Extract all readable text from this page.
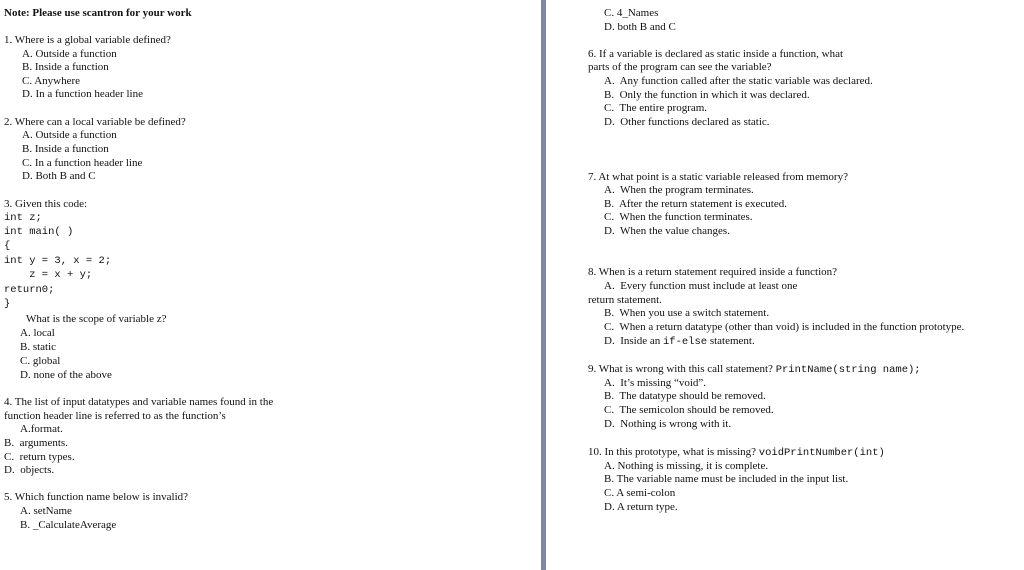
Note: Please use scantron for your work
1. Where is a global variable defined?
A. Outside a function
B. Inside a function
C. Anywhere
D. In a function header line
2. Where can a local variable be defined?
A. Outside a function
B. Inside a function
C. In a function header line
D. Both B and C
3. Given this code:
int z;
int main( )
{
int y = 3, x = 2;
z = x + y;
return0;
}
What is the scope of variable z?
A. local
B. static
C. global
D. none of the above
4. The list of input datatypes and variable names found in the
function header line is referred to as the function’s
A.format.
B.  arguments.
C.  return types.
D.  objects.
5. Which function name below is invalid?
A. setName
B. _CalculateAverage
C. 4_Names
D. both B and C
6. If a variable is declared as static inside a function, what
parts of the program can see the variable?
A.  Any function called after the static variable was declared.
B.  Only the function in which it was declared.
C.  The entire program.
D.  Other functions declared as static.
7. At what point is a static variable released from memory?
A.  When the program terminates.
B.  After the return statement is executed.
C.  When the function terminates.
D.  When the value changes.
8. When is a return statement required inside a function?
A.  Every function must include at least one
return statement.
B.  When you use a switch statement.
C.  When a return datatype (other than void) is included in the function prototype.
D.  Inside an if-else statement.
9. What is wrong with this call statement? PrintName(string name);
A.  It’s missing “void”.
B.  The datatype should be removed.
C.  The semicolon should be removed.
D.  Nothing is wrong with it.
10. In this prototype, what is missing? voidPrintNumber(int)
A. Nothing is missing, it is complete.
B. The variable name must be included in the input list.
C. A semi-colon
D. A return type.
